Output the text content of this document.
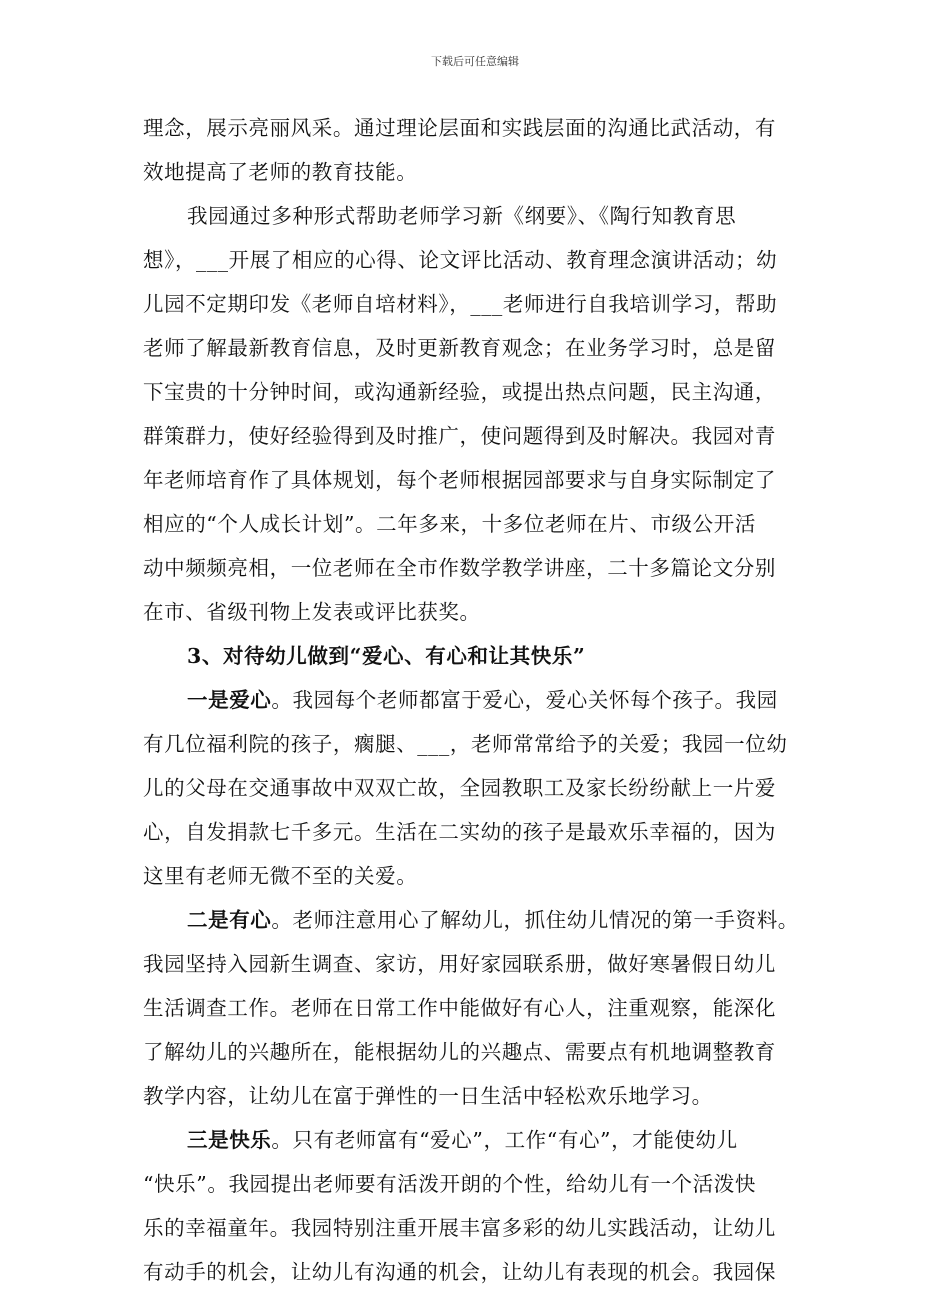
下载后可任意编辑
理念，展示亮丽风采。通过理论层面和实践层面的沟通比武活动，有
效地提高了老师的教育技能。
我园通过多种形式帮助老师学习新《纲要》、《陶行知教育思
想》，___开展了相应的心得、论文评比活动、教育理念演讲活动；幼
儿园不定期印发《老师自培材料》，___老师进行自我培训学习，帮助
老师了解最新教育信息，及时更新教育观念；在业务学习时，总是留
下宝贵的十分钟时间，或沟通新经验，或提出热点问题，民主沟通，
群策群力，使好经验得到及时推广，使问题得到及时解决。我园对青
年老师培育作了具体规划，每个老师根据园部要求与自身实际制定了
相应的“个人成长计划”。二年多来，十多位老师在片、市级公开活
动中频频亮相，一位老师在全市作数学教学讲座，二十多篇论文分别
在市、省级刊物上发表或评比获奖。
3、对待幼儿做到“爱心、有心和让其快乐”
一是爱心。我园每个老师都富于爱心，爱心关怀每个孩子。我园
有几位福利院的孩子，瘸腿、___，老师常常给予的关爱；我园一位幼
儿的父母在交通事故中双双亡故，全园教职工及家长纷纷献上一片爱
心，自发捐款七千多元。生活在二实幼的孩子是最欢乐幸福的，因为
这里有老师无微不至的关爱。
二是有心。老师注意用心了解幼儿，抓住幼儿情况的第一手资料。
我园坚持入园新生调查、家访，用好家园联系册，做好寒暑假日幼儿
生活调查工作。老师在日常工作中能做好有心人，注重观察，能深化
了解幼儿的兴趣所在，能根据幼儿的兴趣点、需要点有机地调整教育
教学内容，让幼儿在富于弹性的一日生活中轻松欢乐地学习。
三是快乐。只有老师富有“爱心”，工作“有心”，才能使幼儿
“快乐”。我园提出老师要有活泼开朗的个性，给幼儿有一个活泼快
乐的幸福童年。我园特别注重开展丰富多彩的幼儿实践活动，让幼儿
有动手的机会，让幼儿有沟通的机会，让幼儿有表现的机会。我园保
